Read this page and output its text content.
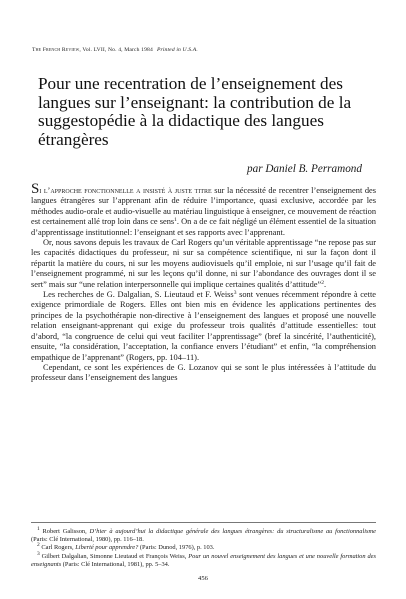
The French Review, Vol. LVII, No. 4, March 1984 Printed in U.S.A.
Pour une recentration de l’enseignement des langues sur l’enseignant: la contribution de la suggestopédie à la didactique des langues étrangères
par Daniel B. Perramond

Si l’approche fonctionnelle a insisté à juste titre sur la nécessité de recentrer l’enseignement des langues étrangères sur l’apprenant afin de réduire l’importance, quasi exclusive, accordée par les méthodes audio-orale et audio-visuelle au matériau linguistique à enseigner, ce mouvement de réaction est certainement allé trop loin dans ce sens$^1$. On a de ce fait négligé un élément essentiel de la situation d’apprentissage institutionnel: l’enseignant et ses rapports avec l’apprenant.

Or, nous savons depuis les travaux de Carl Rogers qu’un véritable apprentissage “ne repose pas sur les capacités didactiques du professeur, ni sur sa compétence scientifique, ni sur la façon dont il répartit la matière du cours, ni sur les moyens audiovisuels qu’il emploie, ni sur l’usage qu’il fait de l’enseignement programmé, ni sur les leçons qu’il donne, ni sur l’abondance des ouvrages dont il se sert” mais sur “une relation interpersonnelle qui implique certaines qualités d’attitude”$^2$.

Les recherches de G. Dalgalian, S. Lieutaud et F. Weiss$^3$ sont venues récemment répondre à cette exigence primordiale de Rogers. Elles ont bien mis en évidence les applications pertinentes des principes de la psychothérapie non-directive à l’enseignement des langues et proposé une nouvelle relation enseignant-apprenant qui exige du professeur trois qualités d’attitude essentielles: tout d’abord, “la congruence de celui qui veut faciliter l’apprentissage” (bref la sincérité, l’authenticité), ensuite, “la considération, l’acceptation, la confiance envers l’étudiant” et enfin, “la compréhension empathique de l’apprenant” (Rogers, pp. 104–11).

Cependant, ce sont les expériences de G. Lozanov qui se sont le plus intéressées à l’attitude du professeur dans l’enseignement des langues

$^1$ Robert Galisson, D’hier à aujourd’hui la didactique générale des langues étrangères: du structuralisme au fonctionnalisme (Paris: Clé International, 1980), pp. 116–18.

$^2$ Carl Rogers, Liberté pour apprendre? (Paris: Dunod, 1976), p. 103.

$^3$ Gilbert Dalgalian, Simonne Lieutaud et François Weiss, Pour un nouvel enseignement des langues et une nouvelle formation des enseignants (Paris: Clé International, 1981), pp. 5–34.

456
